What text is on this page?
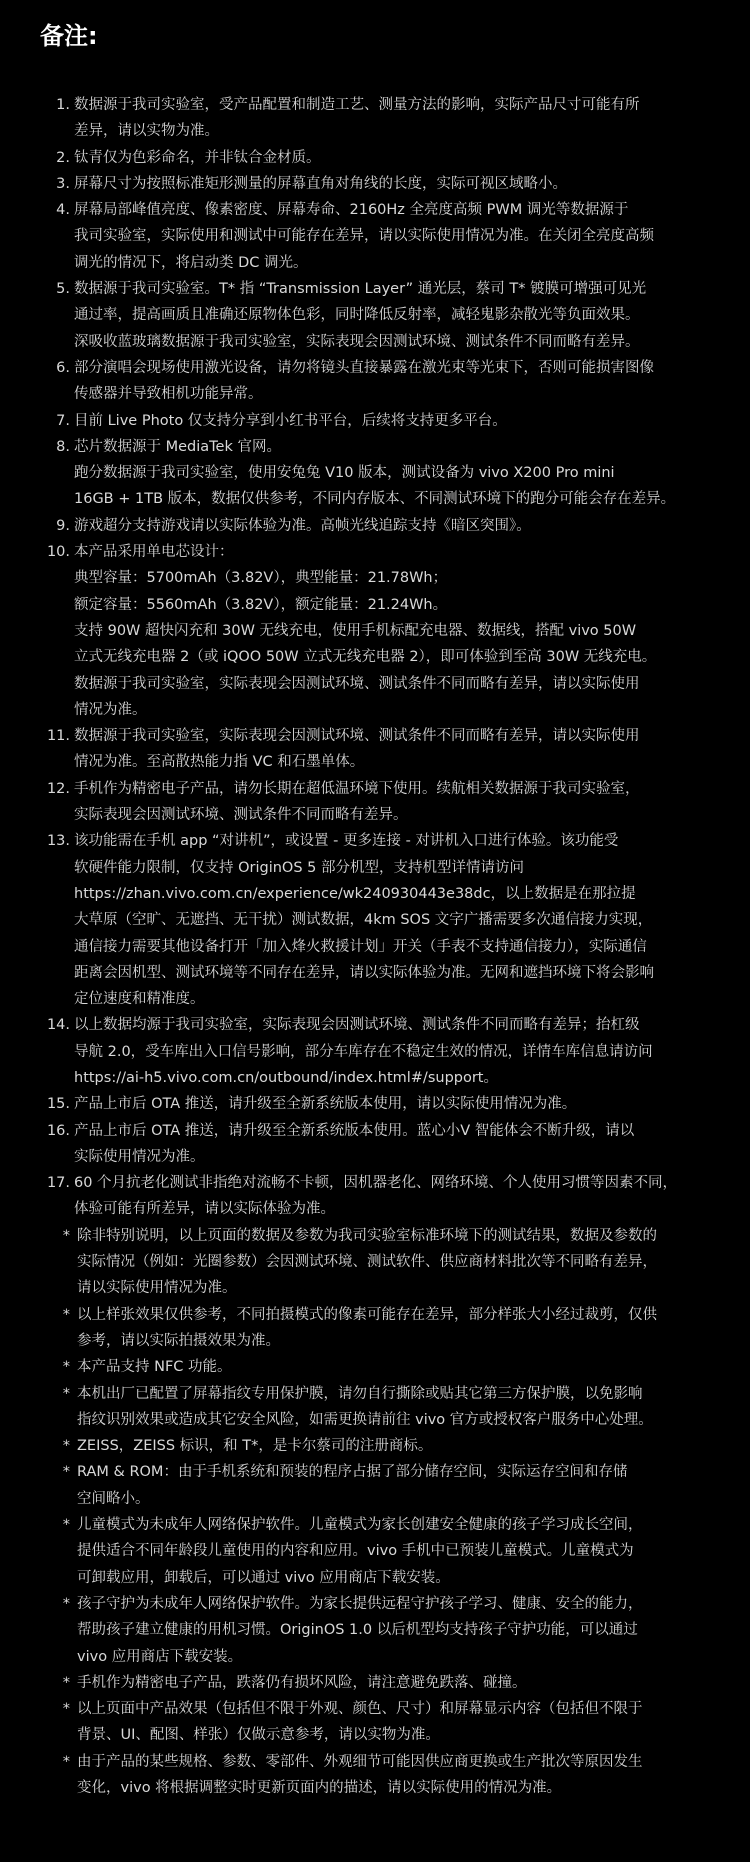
备注:
1. 数据源于我司实验室，受产品配置和制造工艺、测量方法的影响，实际产品尺寸可能有所
差异，请以实物为准。
2. 钛青仅为色彩命名，并非钛合金材质。
3. 屏幕尺寸为按照标准矩形测量的屏幕直角对角线的长度，实际可视区域略小。
4. 屏幕局部峰值亮度、像素密度、屏幕寿命、2160Hz 全亮度高频 PWM 调光等数据源于
我司实验室，实际使用和测试中可能存在差异，请以实际使用情况为准。在关闭全亮度高频
调光的情况下，将启动类 DC 调光。
5. 数据源于我司实验室。T* 指 “Transmission Layer” 通光层，蔡司 T* 镀膜可增强可见光
通过率，提高画质且准确还原物体色彩，同时降低反射率，减轻鬼影杂散光等负面效果。
深吸收蓝玻璃数据源于我司实验室，实际表现会因测试环境、测试条件不同而略有差异。
6. 部分演唱会现场使用激光设备，请勿将镜头直接暴露在激光束等光束下，否则可能损害图像
传感器并导致相机功能异常。
7. 目前 Live Photo 仅支持分享到小红书平台，后续将支持更多平台。
8. 芯片数据源于 MediaTek 官网。
跑分数据源于我司实验室，使用安兔兔 V10 版本，测试设备为 vivo X200 Pro mini
16GB + 1TB 版本，数据仅供参考，不同内存版本、不同测试环境下的跑分可能会存在差异。
9. 游戏超分支持游戏请以实际体验为准。高帧光线追踪支持《暗区突围》。
10. 本产品采用单电芯设计：
典型容量：5700mAh（3.82V），典型能量：21.78Wh；
额定容量：5560mAh（3.82V），额定能量：21.24Wh。
支持 90W 超快闪充和 30W 无线充电，使用手机标配充电器、数据线，搭配 vivo 50W
立式无线充电器 2（或 iQOO 50W 立式无线充电器 2），即可体验到至高 30W 无线充电。
数据源于我司实验室，实际表现会因测试环境、测试条件不同而略有差异，请以实际使用
情况为准。
11. 数据源于我司实验室，实际表现会因测试环境、测试条件不同而略有差异，请以实际使用
情况为准。至高散热能力指 VC 和石墨单体。
12. 手机作为精密电子产品，请勿长期在超低温环境下使用。续航相关数据源于我司实验室，
实际表现会因测试环境、测试条件不同而略有差异。
13. 该功能需在手机 app “对讲机”，或设置 - 更多连接 - 对讲机入口进行体验。该功能受
软硬件能力限制，仅支持 OriginOS 5 部分机型，支持机型详情请访问
https://zhan.vivo.com.cn/experience/wk240930443e38dc，以上数据是在那拉提
大草原（空旷、无遮挡、无干扰）测试数据，4km SOS 文字广播需要多次通信接力实现，
通信接力需要其他设备打开「加入烽火救援计划」开关（手表不支持通信接力），实际通信
距离会因机型、测试环境等不同存在差异，请以实际体验为准。无网和遮挡环境下将会影响
定位速度和精准度。
14. 以上数据均源于我司实验室，实际表现会因测试环境、测试条件不同而略有差异；抬杠级
导航 2.0，受车库出入口信号影响，部分车库存在不稳定生效的情况，详情车库信息请访问
https://ai-h5.vivo.com.cn/outbound/index.html#/support。
15. 产品上市后 OTA 推送，请升级至全新系统版本使用，请以实际使用情况为准。
16. 产品上市后 OTA 推送，请升级至全新系统版本使用。蓝心小V 智能体会不断升级，请以
实际使用情况为准。
17. 60 个月抗老化测试非指绝对流畅不卡顿，因机器老化、网络环境、个人使用习惯等因素不同，
体验可能有所差异，请以实际体验为准。
* 除非特别说明，以上页面的数据及参数为我司实验室标准环境下的测试结果，数据及参数的
实际情况（例如：光圈参数）会因测试环境、测试软件、供应商材料批次等不同略有差异，
请以实际使用情况为准。
* 以上样张效果仅供参考，不同拍摄模式的像素可能存在差异，部分样张大小经过裁剪，仅供
参考，请以实际拍摄效果为准。
* 本产品支持 NFC 功能。
* 本机出厂已配置了屏幕指纹专用保护膜，请勿自行撕除或贴其它第三方保护膜，以免影响
指纹识别效果或造成其它安全风险，如需更换请前往 vivo 官方或授权客户服务中心处理。
* ZEISS，ZEISS 标识，和 T*，是卡尔蔡司的注册商标。
* RAM & ROM：由于手机系统和预装的程序占据了部分储存空间，实际运存空间和存储
空间略小。
* 儿童模式为未成年人网络保护软件。儿童模式为家长创建安全健康的孩子学习成长空间，
提供适合不同年龄段儿童使用的内容和应用。vivo 手机中已预装儿童模式。儿童模式为
可卸载应用，卸载后，可以通过 vivo 应用商店下载安装。
* 孩子守护为未成年人网络保护软件。为家长提供远程守护孩子学习、健康、安全的能力，
帮助孩子建立健康的用机习惯。OriginOS 1.0 以后机型均支持孩子守护功能，可以通过
vivo 应用商店下载安装。
* 手机作为精密电子产品，跌落仍有损坏风险，请注意避免跌落、碰撞。
* 以上页面中产品效果（包括但不限于外观、颜色、尺寸）和屏幕显示内容（包括但不限于
背景、UI、配图、样张）仅做示意参考，请以实物为准。
* 由于产品的某些规格、参数、零部件、外观细节可能因供应商更换或生产批次等原因发生
变化，vivo 将根据调整实时更新页面内的描述，请以实际使用的情况为准。
